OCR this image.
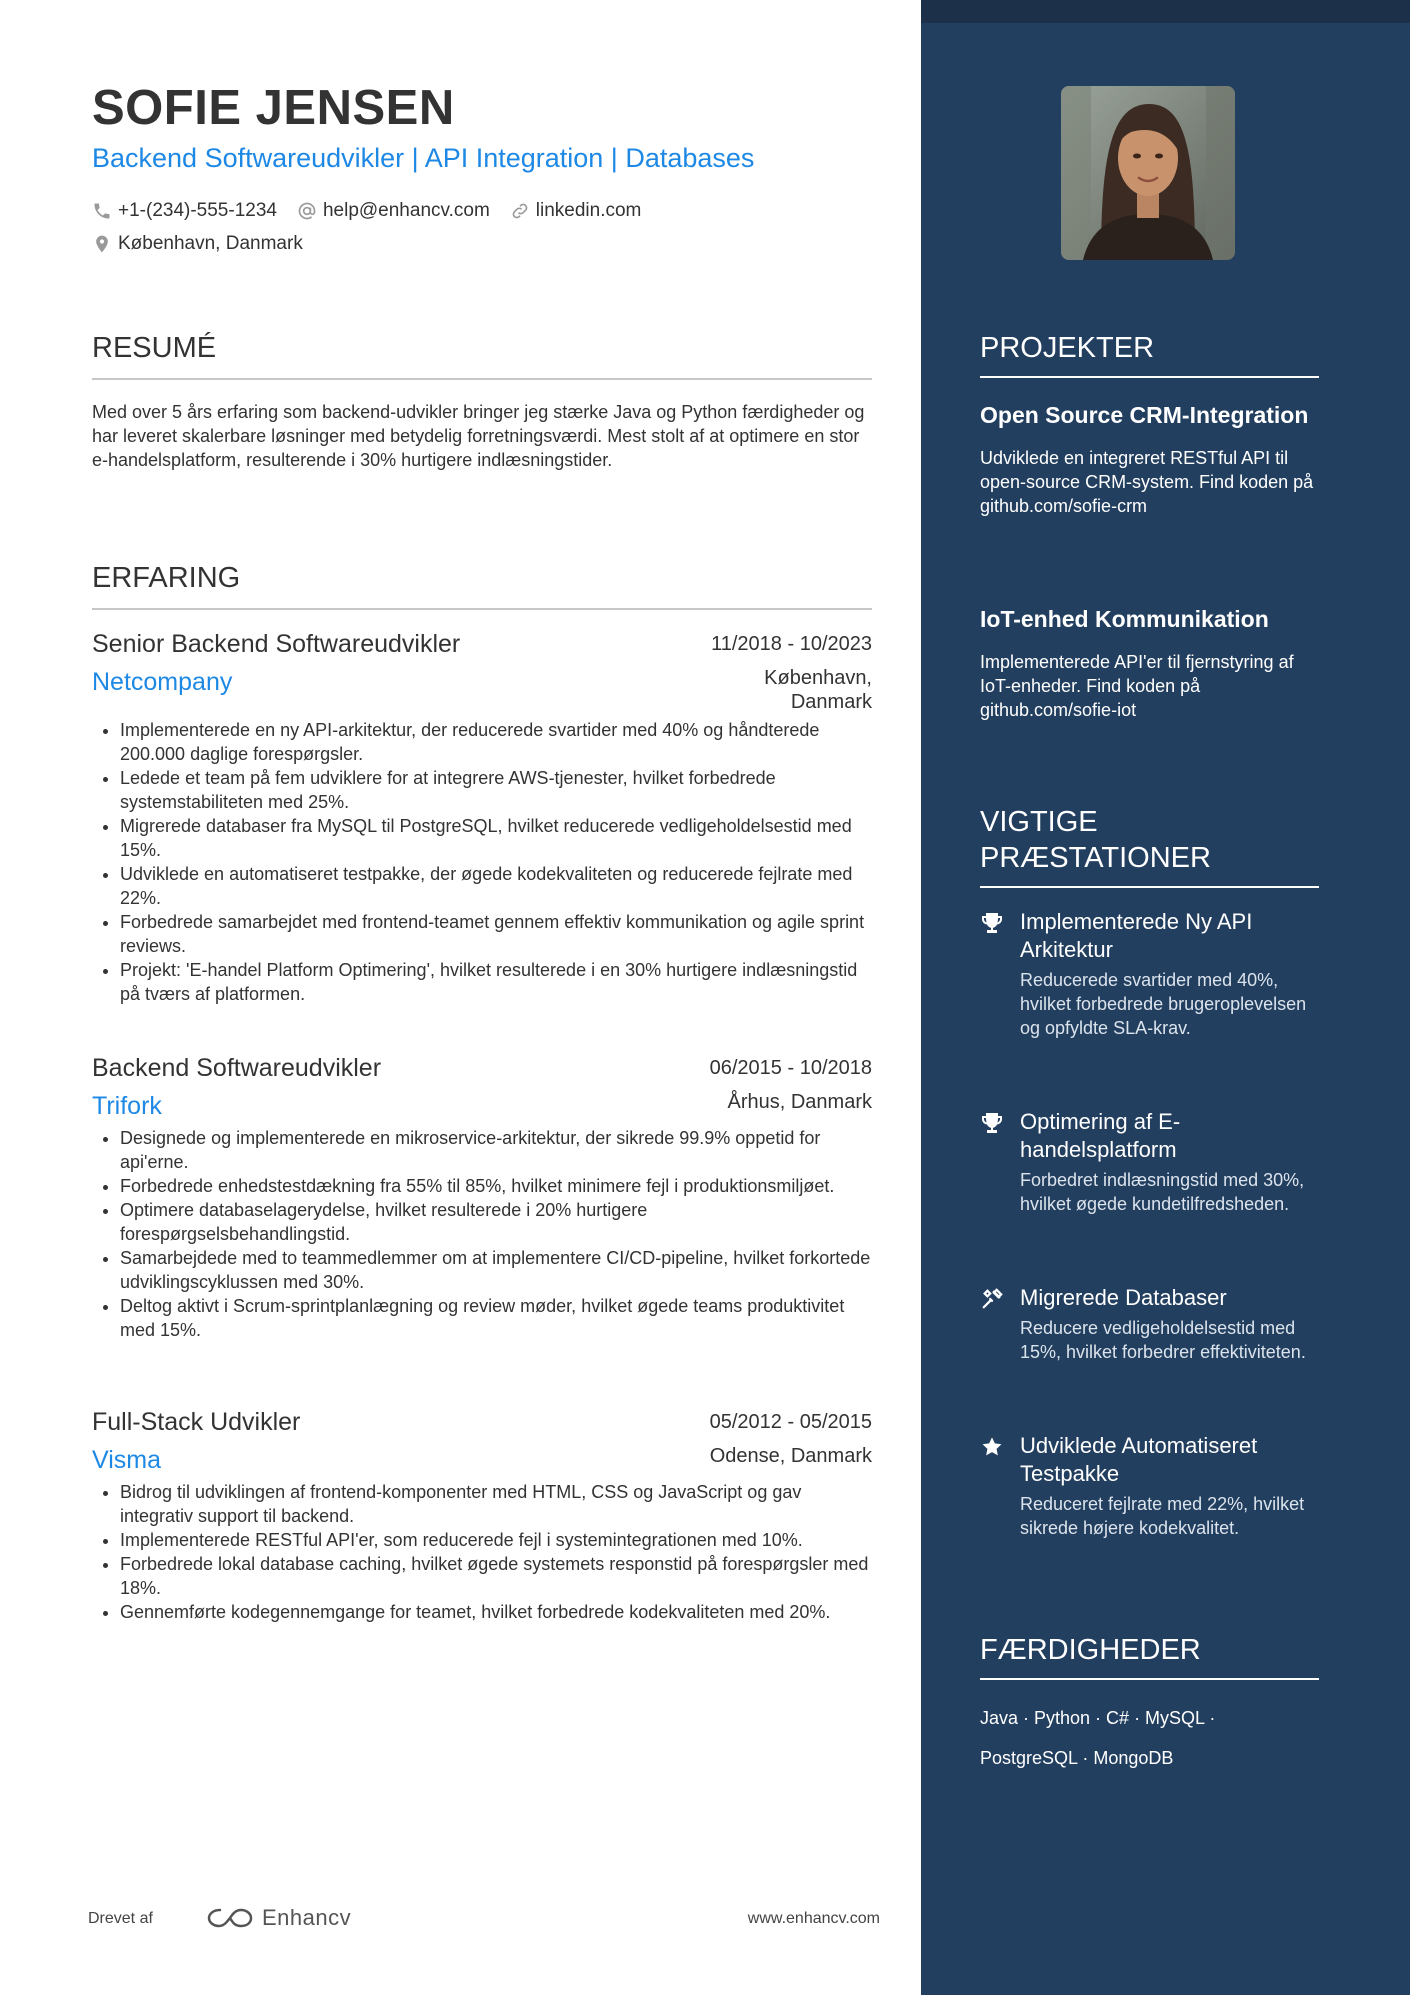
SOFIE JENSEN

Backend Softwareudvikler | API Integration | Databases

+1-(234)-555-1234 help@enhancv.com linkedin.com
København, Danmark
RESUMÉ

Med over 5 års erfaring som backend-udvikler bringer jeg stærke Java og Python færdigheder og har leveret skalerbare løsninger med betydelig forretningsværdi. Mest stolt af at optimere en stor e-handelsplatform, resulterende i 30% hurtigere indlæsningstider.

ERFARING
Senior Backend Softwareudvikler	11/2018 - 10/2023
Netcompany	København, Danmark
• Implementerede en ny API-arkitektur, der reducerede svartider med 40% og håndterede 200.000 daglige forespørgsler.
• Ledede et team på fem udviklere for at integrere AWS-tjenester, hvilket forbedrede systemstabiliteten med 25%.
• Migrerede databaser fra MySQL til PostgreSQL, hvilket reducerede vedligeholdelsestid med 15%.
• Udviklede en automatiseret testpakke, der øgede kodekvaliteten og reducerede fejlrate med 22%.
• Forbedrede samarbejdet med frontend-teamet gennem effektiv kommunikation og agile sprint reviews.
• Projekt: 'E-handel Platform Optimering', hvilket resulterede i en 30% hurtigere indlæsningstid på tværs af platformen.
Backend Softwareudvikler	06/2015 - 10/2018
Trifork	Århus, Danmark
• Designede og implementerede en mikroservice-arkitektur, der sikrede 99.9% oppetid for api'erne.
• Forbedrede enhedstestdækning fra 55% til 85%, hvilket minimere fejl i produktionsmiljøet.
• Optimere databaselagerydelse, hvilket resulterede i 20% hurtigere forespørgselsbehandlingstid.
• Samarbejdede med to teammedlemmer om at implementere CI/CD-pipeline, hvilket forkortede udviklingscyklussen med 30%.
• Deltog aktivt i Scrum-sprintplanlægning og review møder, hvilket øgede teams produktivitet med 15%.
Full-Stack Udvikler	05/2012 - 05/2015
Visma	Odense, Danmark
• Bidrog til udviklingen af frontend-komponenter med HTML, CSS og JavaScript og gav integrativ support til backend.
• Implementerede RESTful API'er, som reducerede fejl i systemintegrationen med 10%.
• Forbedrede lokal database caching, hvilket øgede systemets responstid på forespørgsler med 18%.
• Gennemførte kodegennemgange for teamet, hvilket forbedrede kodekvaliteten med 20%.
Drevet af	Enhancv	www.enhancv.com
PROJEKTER
Open Source CRM-Integration

Udviklede en integreret RESTful API til open-source CRM-system. Find koden på github.com/sofie-crm

IoT-enhed Kommunikation

Implementerede API'er til fjernstyring af IoT-enheder. Find koden på github.com/sofie-iot

VIGTIGE PRÆSTATIONER

Implementerede Ny API Arkitektur

Reducerede svartider med 40%, hvilket forbedrede brugeroplevelsen og opfyldte SLA-krav.

Optimering af E-handelsplatform

Forbedret indlæsningstid med 30%, hvilket øgede kundetilfredsheden.

Migrerede Databaser

Reducere vedligeholdelsestid med 15%, hvilket forbedrer effektiviteten.

Udviklede Automatiseret Testpakke

Reduceret fejlrate med 22%, hvilket sikrede højere kodekvalitet.

FÆRDIGHEDER
Java · Python · C# · MySQL ·
PostgreSQL · MongoDB
